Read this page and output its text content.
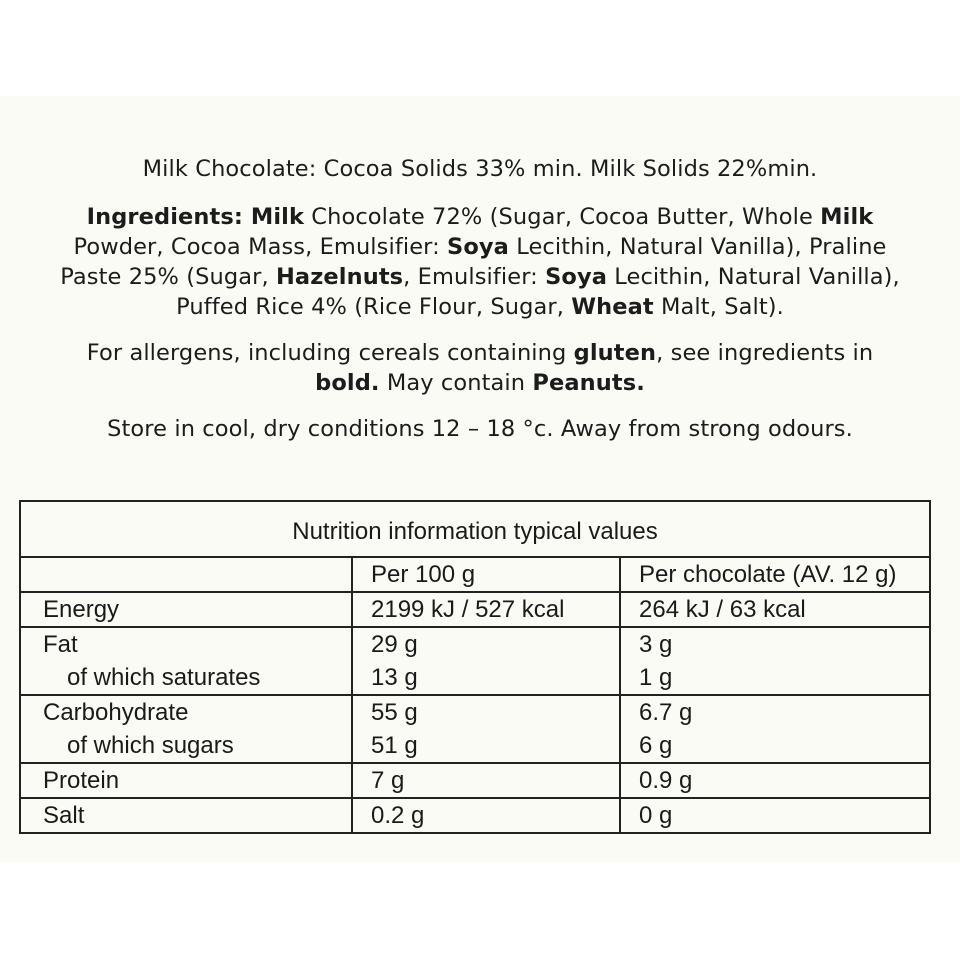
Milk Chocolate: Cocoa Solids 33% min. Milk Solids 22%min.
Ingredients: Milk Chocolate 72% (Sugar, Cocoa Butter, Whole Milk
Powder, Cocoa Mass, Emulsifier: Soya Lecithin, Natural Vanilla), Praline
Paste 25% (Sugar, Hazelnuts, Emulsifier: Soya Lecithin, Natural Vanilla),
Puffed Rice 4% (Rice Flour, Sugar, Wheat Malt, Salt).
For allergens, including cereals containing gluten, see ingredients in
bold. May contain Peanuts.
Store in cool, dry conditions 12 – 18 °c. Away from strong odours.
Nutrition information typical values		
	Per 100 g	Per chocolate (AV. 12 g)
Energy	2199 kJ / 527 kcal	264 kJ / 63 kcal
Fat	29 g	3 g
of which saturates	13 g	1 g
Carbohydrate	55 g	6.7 g
of which sugars	51 g	6 g
Protein	7 g	0.9 g
Salt	0.2 g	0 g
